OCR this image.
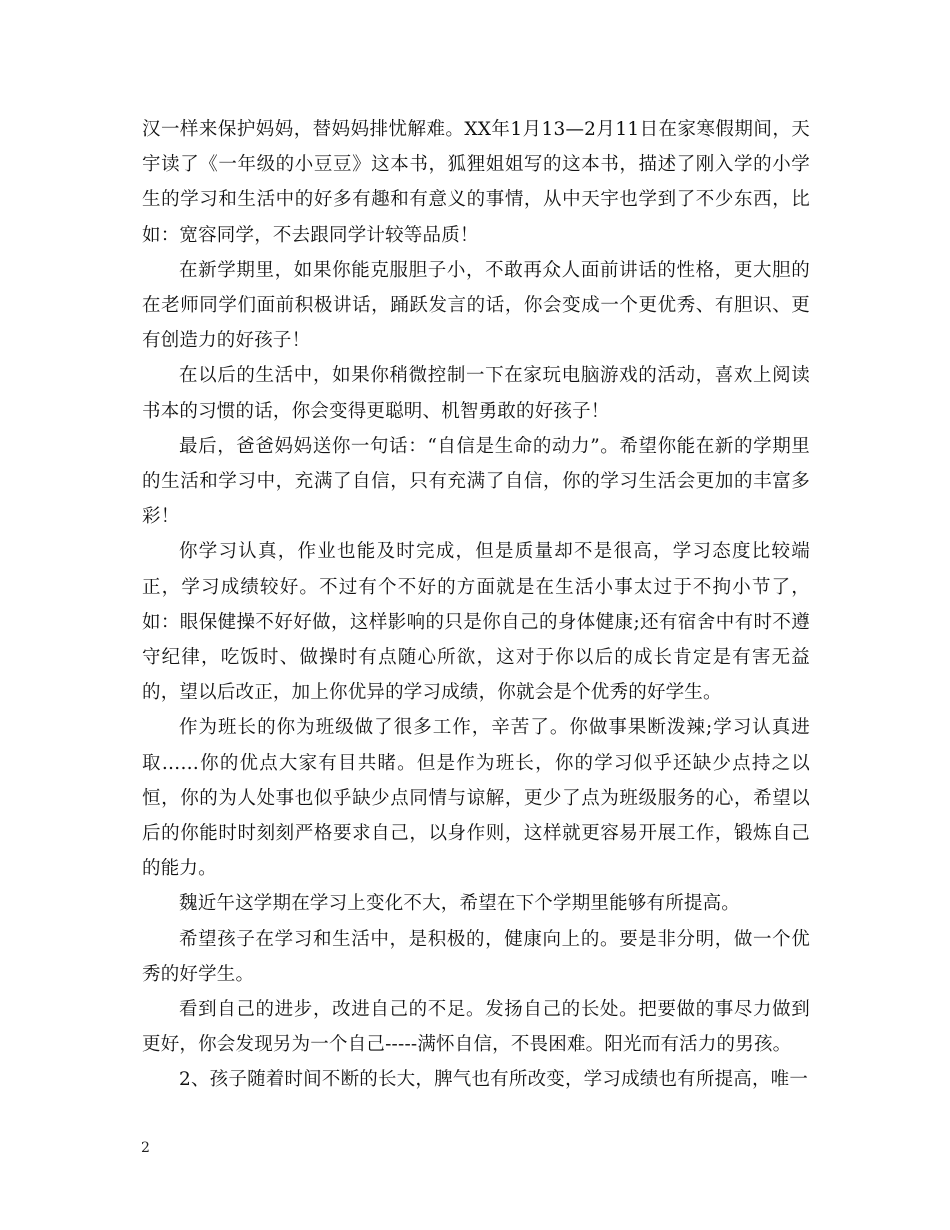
汉一样来保护妈妈，替妈妈排忧解难。XX年1月13—2月11日在家寒假期间，天宇读了《一年级的小豆豆》这本书，狐狸姐姐写的这本书，描述了刚入学的小学生的学习和生活中的好多有趣和有意义的事情，从中天宇也学到了不少东西，比如：宽容同学，不去跟同学计较等品质！

在新学期里，如果你能克服胆子小，不敢再众人面前讲话的性格，更大胆的在老师同学们面前积极讲话，踊跃发言的话，你会变成一个更优秀、有胆识、更有创造力的好孩子！

在以后的生活中，如果你稍微控制一下在家玩电脑游戏的活动，喜欢上阅读书本的习惯的话，你会变得更聪明、机智勇敢的好孩子！

最后，爸爸妈妈送你一句话：“自信是生命的动力”。希望你能在新的学期里的生活和学习中，充满了自信，只有充满了自信，你的学习生活会更加的丰富多彩！

你学习认真，作业也能及时完成，但是质量却不是很高，学习态度比较端正，学习成绩较好。不过有个不好的方面就是在生活小事太过于不拘小节了，如：眼保健操不好好做，这样影响的只是你自己的身体健康;还有宿舍中有时不遵守纪律，吃饭时、做操时有点随心所欲，这对于你以后的成长肯定是有害无益的，望以后改正，加上你优异的学习成绩，你就会是个优秀的好学生。

作为班长的你为班级做了很多工作，辛苦了。你做事果断泼辣;学习认真进取……你的优点大家有目共睹。但是作为班长，你的学习似乎还缺少点持之以恒，你的为人处事也似乎缺少点同情与谅解，更少了点为班级服务的心，希望以后的你能时时刻刻严格要求自己，以身作则，这样就更容易开展工作，锻炼自己的能力。

魏近午这学期在学习上变化不大，希望在下个学期里能够有所提高。

希望孩子在学习和生活中，是积极的，健康向上的。要是非分明，做一个优秀的好学生。

看到自己的进步，改进自己的不足。发扬自己的长处。把要做的事尽力做到更好，你会发现另为一个自己-----满怀自信，不畏困难。阳光而有活力的男孩。

2、孩子随着时间不断的长大，脾气也有所改变，学习成绩也有所提高，唯一

2
